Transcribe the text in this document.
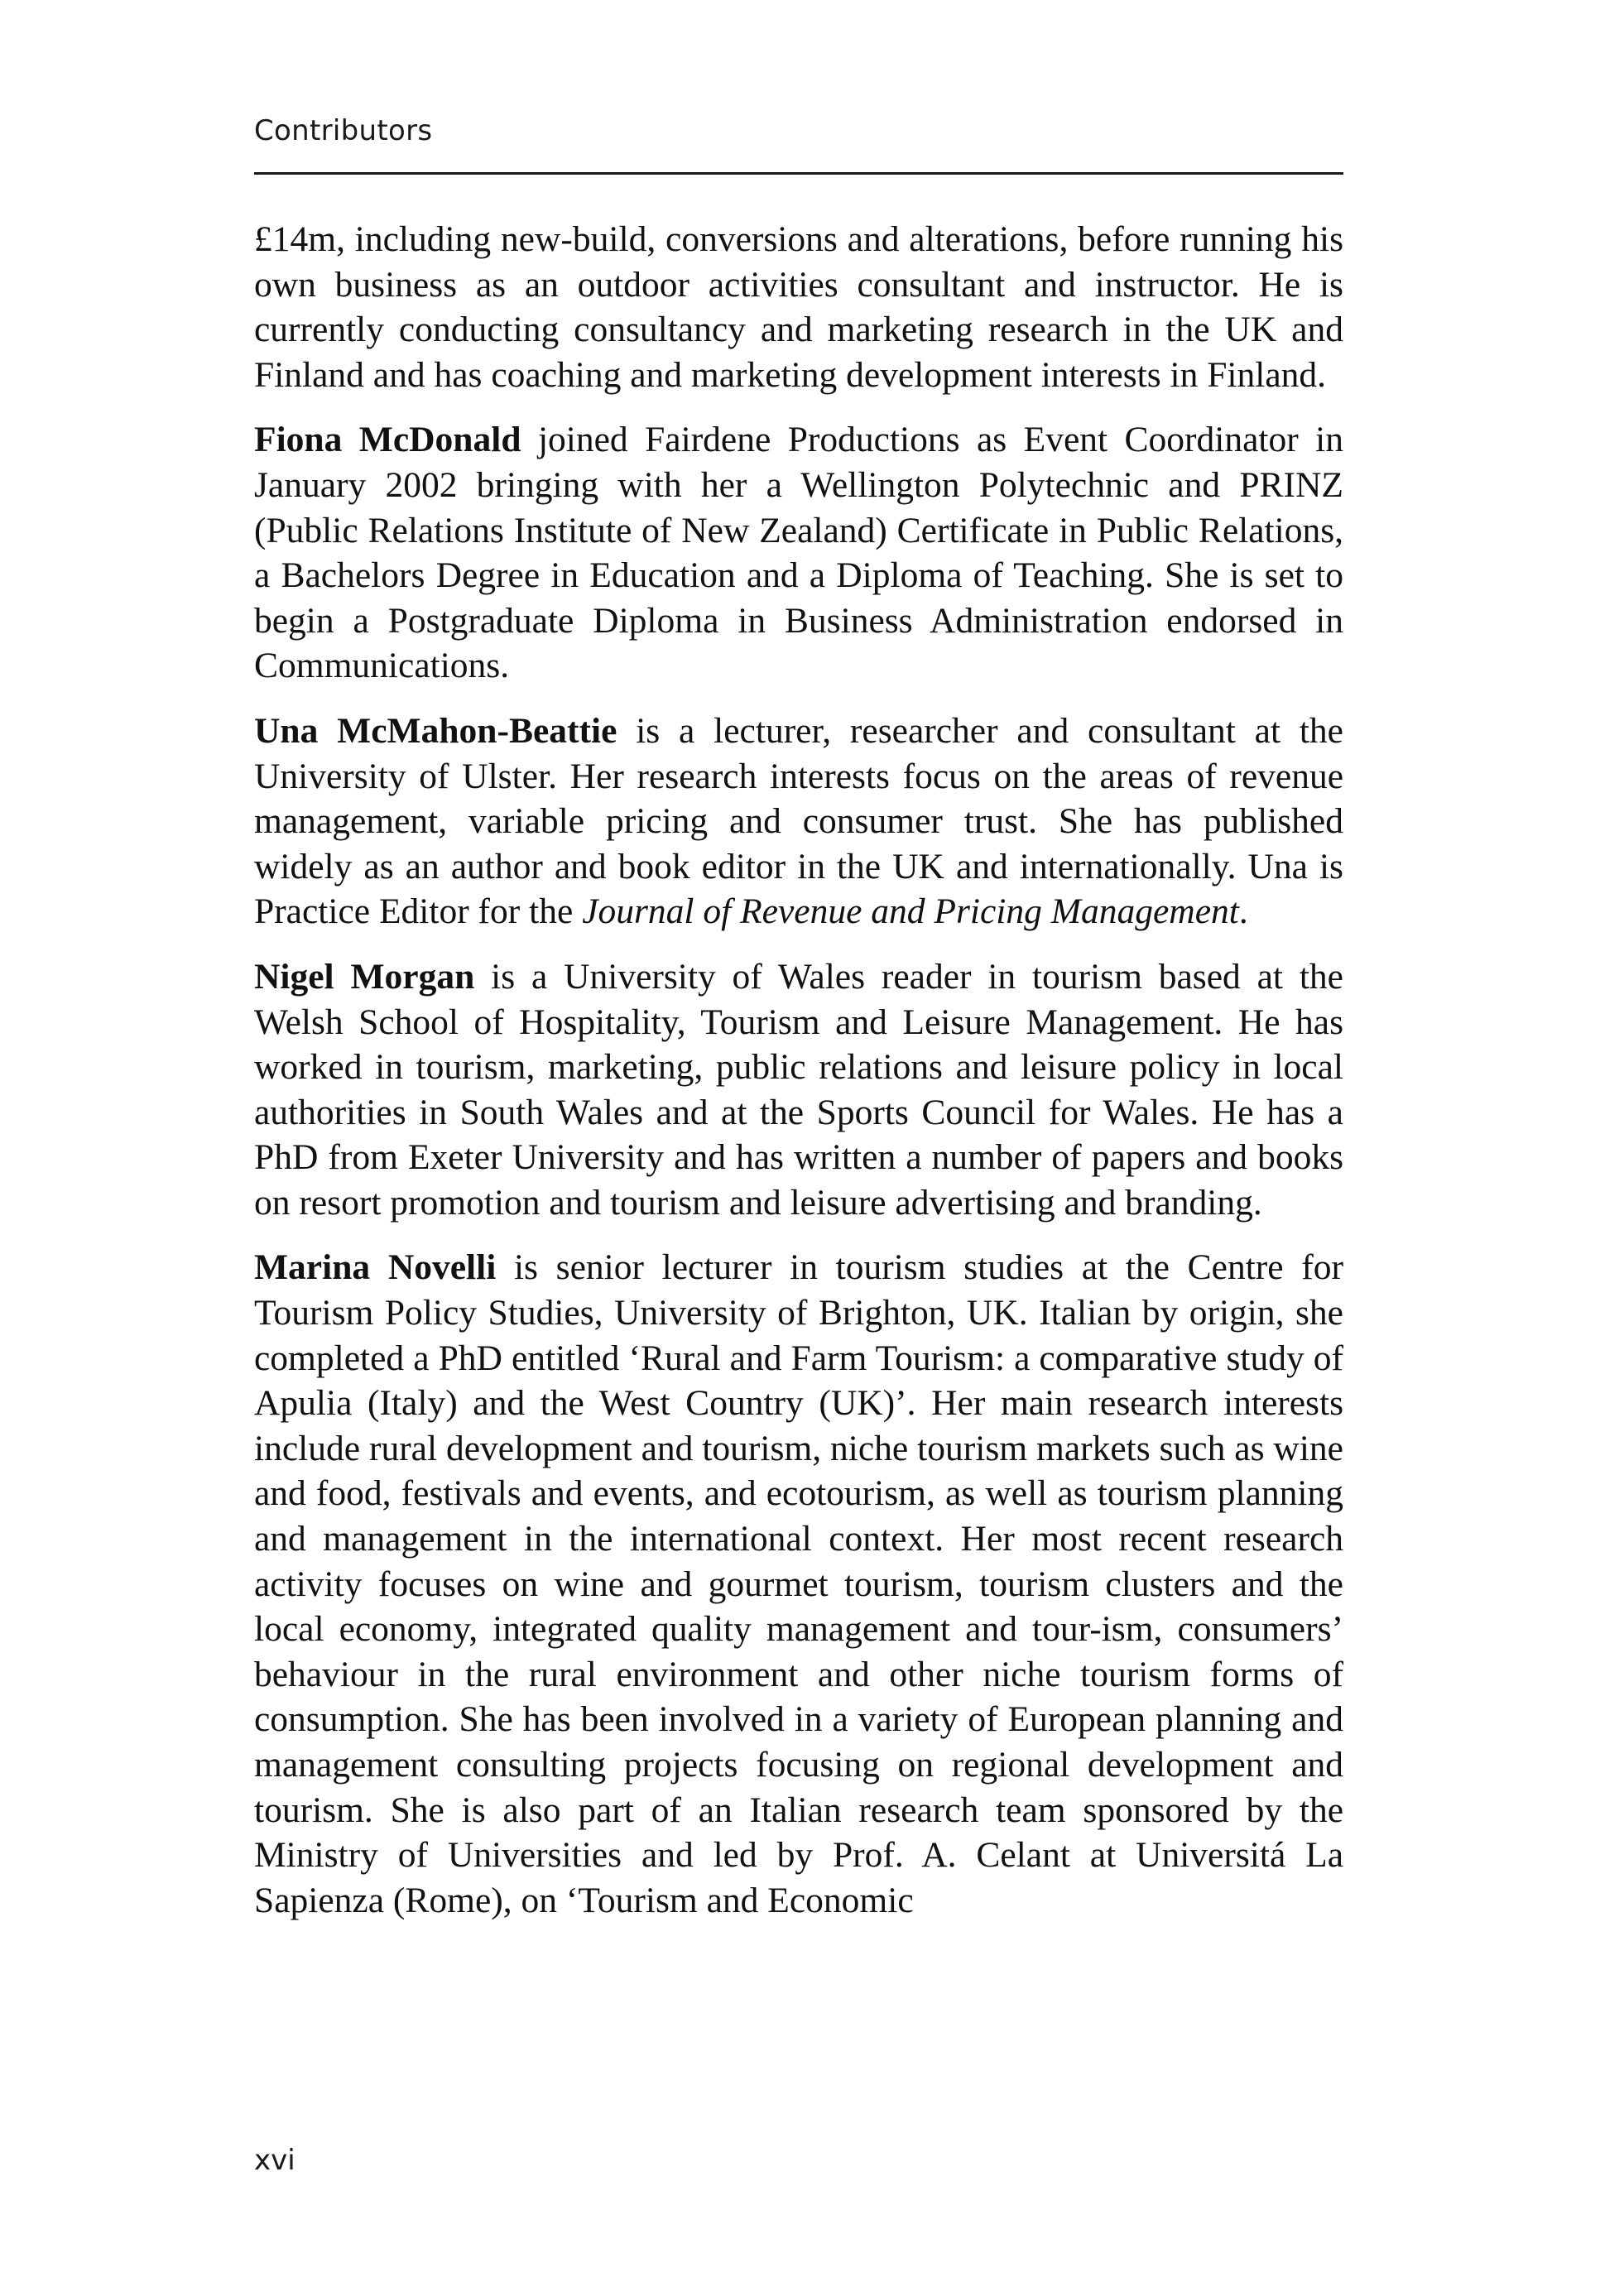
Contributors

£14m, including new-build, conversions and alterations, before running his own business as an outdoor activities consultant and instructor. He is currently conducting consultancy and marketing research in the UK and Finland and has coaching and marketing development interests in Finland.

Fiona McDonald joined Fairdene Productions as Event Coordinator in January 2002 bringing with her a Wellington Polytechnic and PRINZ (Public Relations Institute of New Zealand) Certificate in Public Relations, a Bachelors Degree in Education and a Diploma of Teaching. She is set to begin a Postgraduate Diploma in Business Administration endorsed in Communications.

Una McMahon-Beattie is a lecturer, researcher and consultant at the University of Ulster. Her research interests focus on the areas of revenue management, variable pricing and consumer trust. She has published widely as an author and book editor in the UK and internationally. Una is Practice Editor for the Journal of Revenue and Pricing Management.

Nigel Morgan is a University of Wales reader in tourism based at the Welsh School of Hospitality, Tourism and Leisure Management. He has worked in tourism, marketing, public relations and leisure policy in local authorities in South Wales and at the Sports Council for Wales. He has a PhD from Exeter University and has written a number of papers and books on resort promotion and tourism and leisure advertising and branding.

Marina Novelli is senior lecturer in tourism studies at the Centre for Tourism Policy Studies, University of Brighton, UK. Italian by origin, she completed a PhD entitled ‘Rural and Farm Tourism: a comparative study of Apulia (Italy) and the West Country (UK)’. Her main research interests include rural development and tourism, niche tourism markets such as wine and food, festivals and events, and ecotourism, as well as tourism planning and management in the international context. Her most recent research activity focuses on wine and gourmet tourism, tourism clusters and the local economy, integrated quality management and tour-ism, consumers’ behaviour in the rural environment and other niche tourism forms of consumption. She has been involved in a variety of European planning and management consulting projects focusing on regional development and tourism. She is also part of an Italian research team sponsored by the Ministry of Universities and led by Prof. A. Celant at Universitá La Sapienza (Rome), on ‘Tourism and Economic

xvi
